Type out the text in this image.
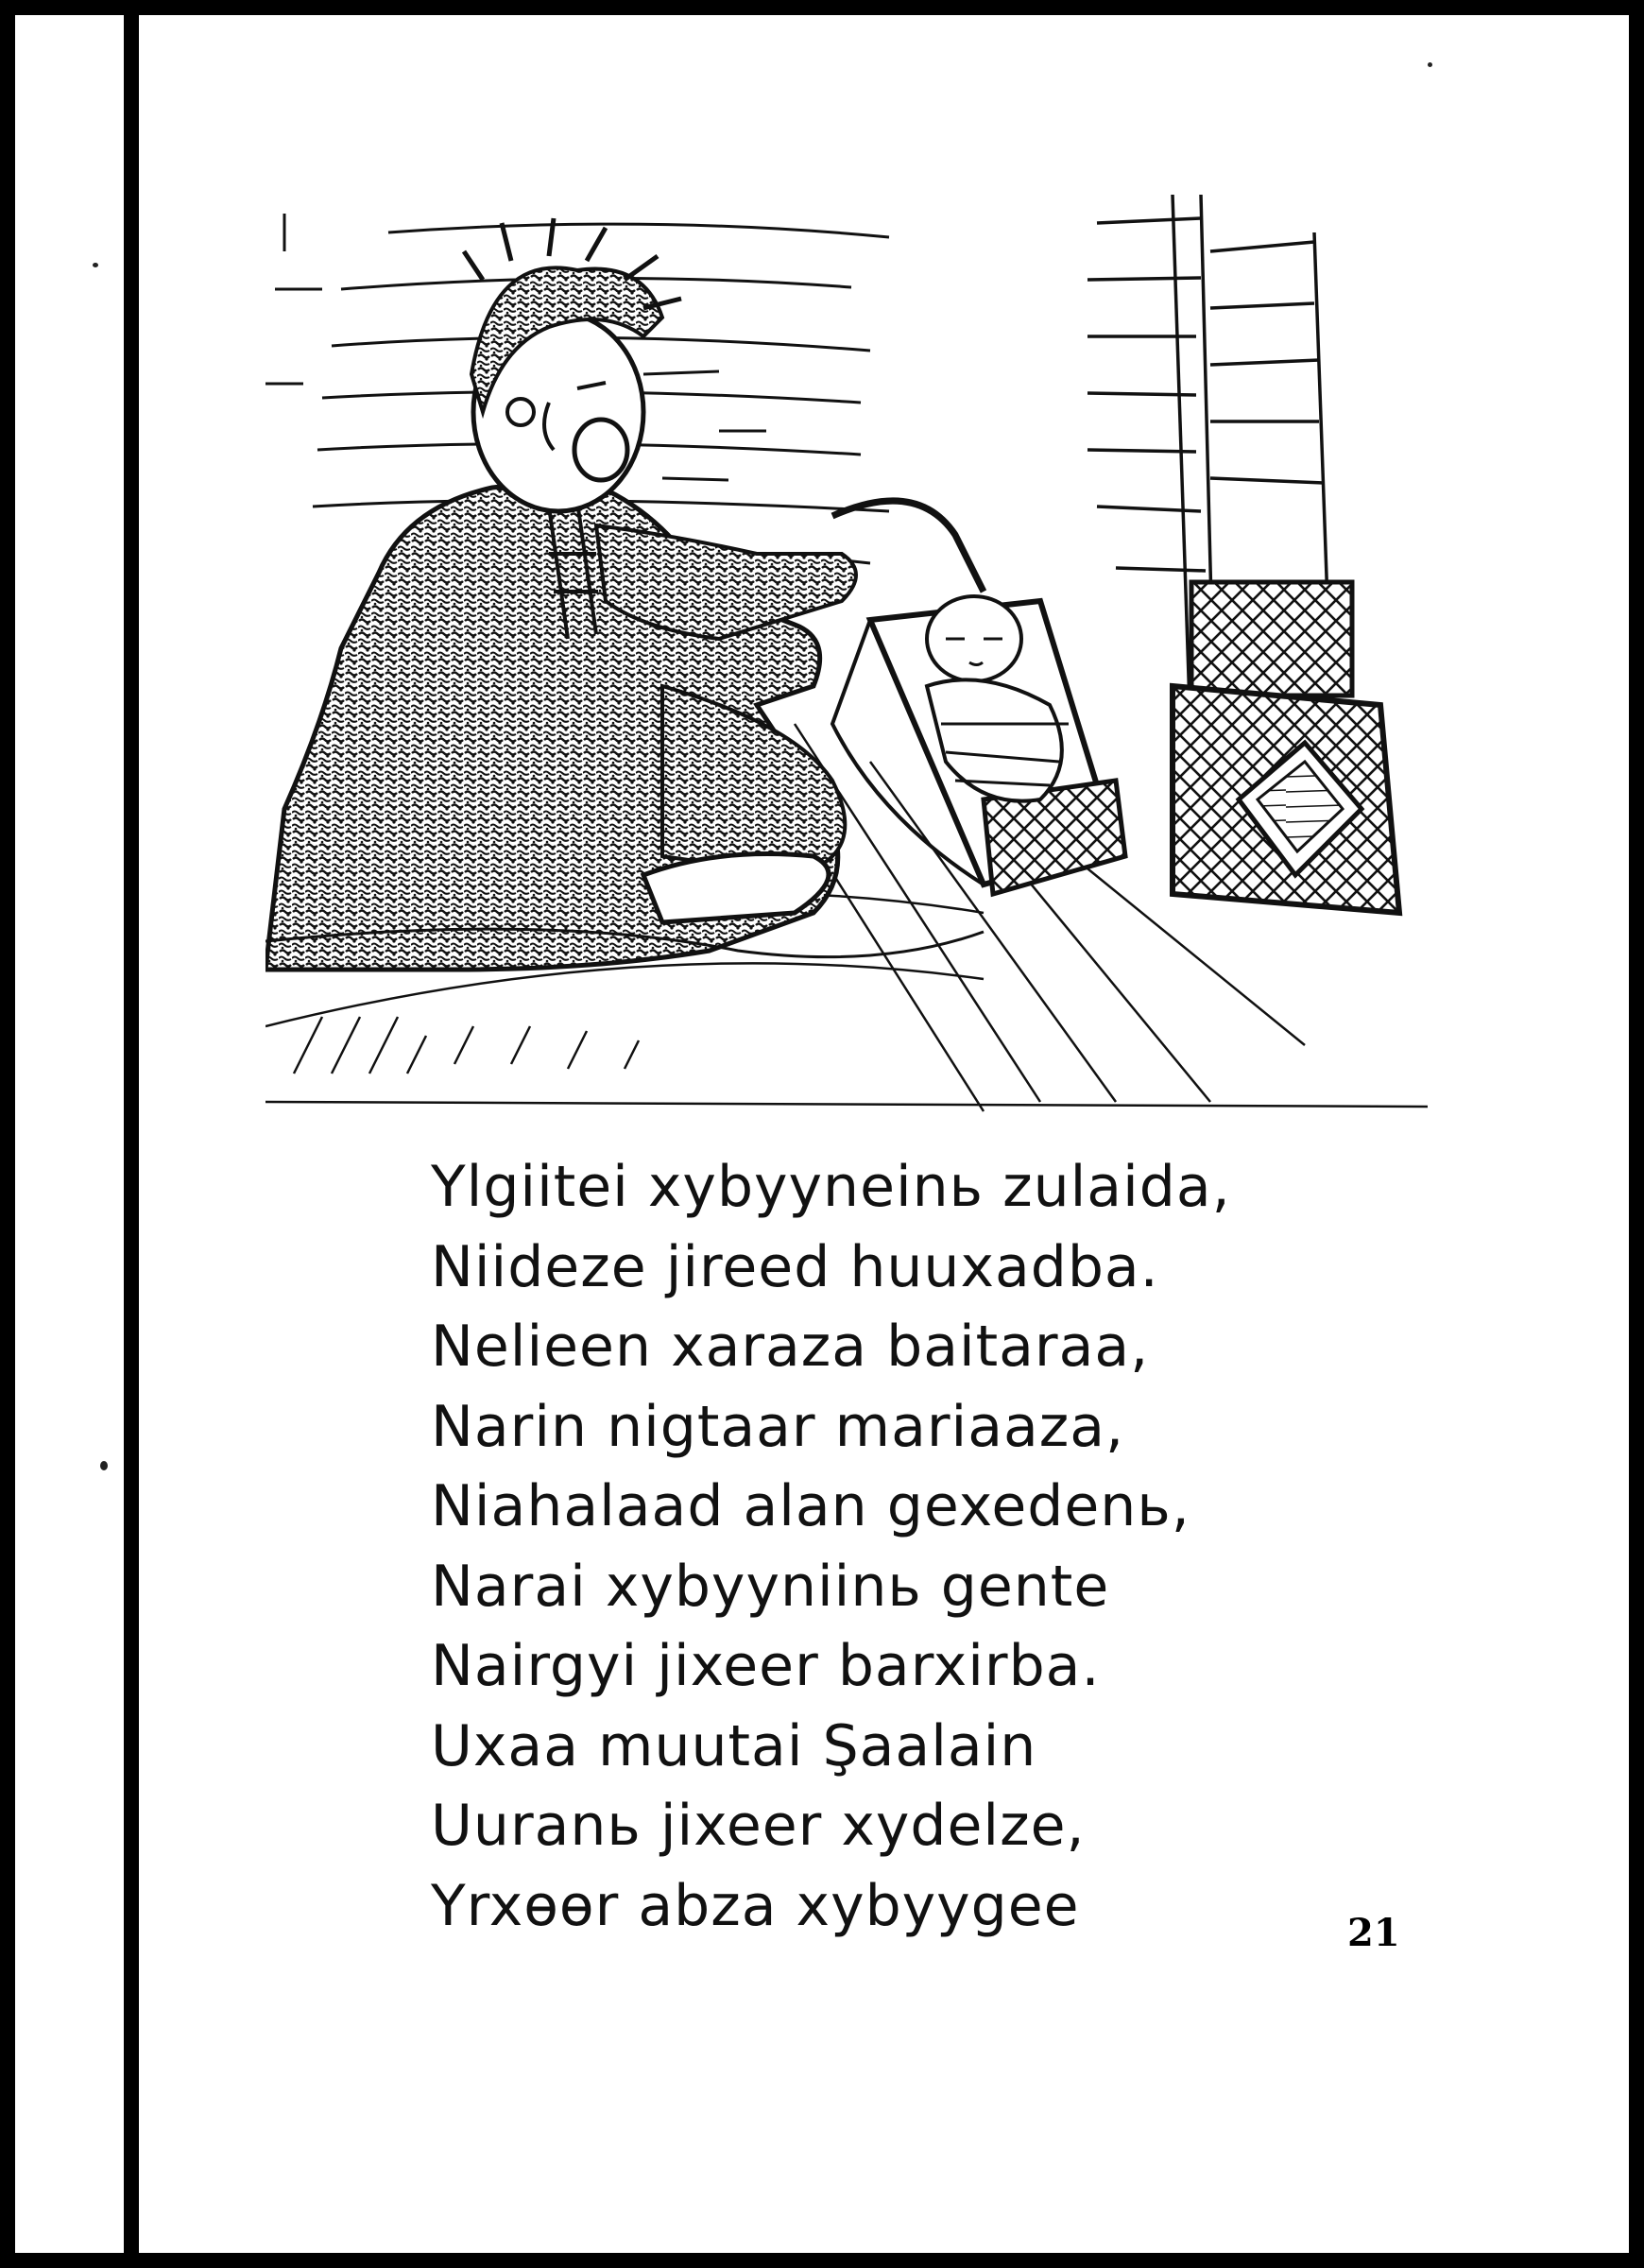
Ylgiitei xybyyneinь zulaida,
Niideze jireed huuxadba.
Nelieen xaraza baitaraa,
Narin nigtaar mariaaza,
Niahalaad alan gexedenь,
Narai xybyyniinь gente
Nairgyi jixeer barxirba.
Uxaa muutai Şaalain
Uuranь jixeer xydelze,
Yrxөөr abza xybyygee	21
